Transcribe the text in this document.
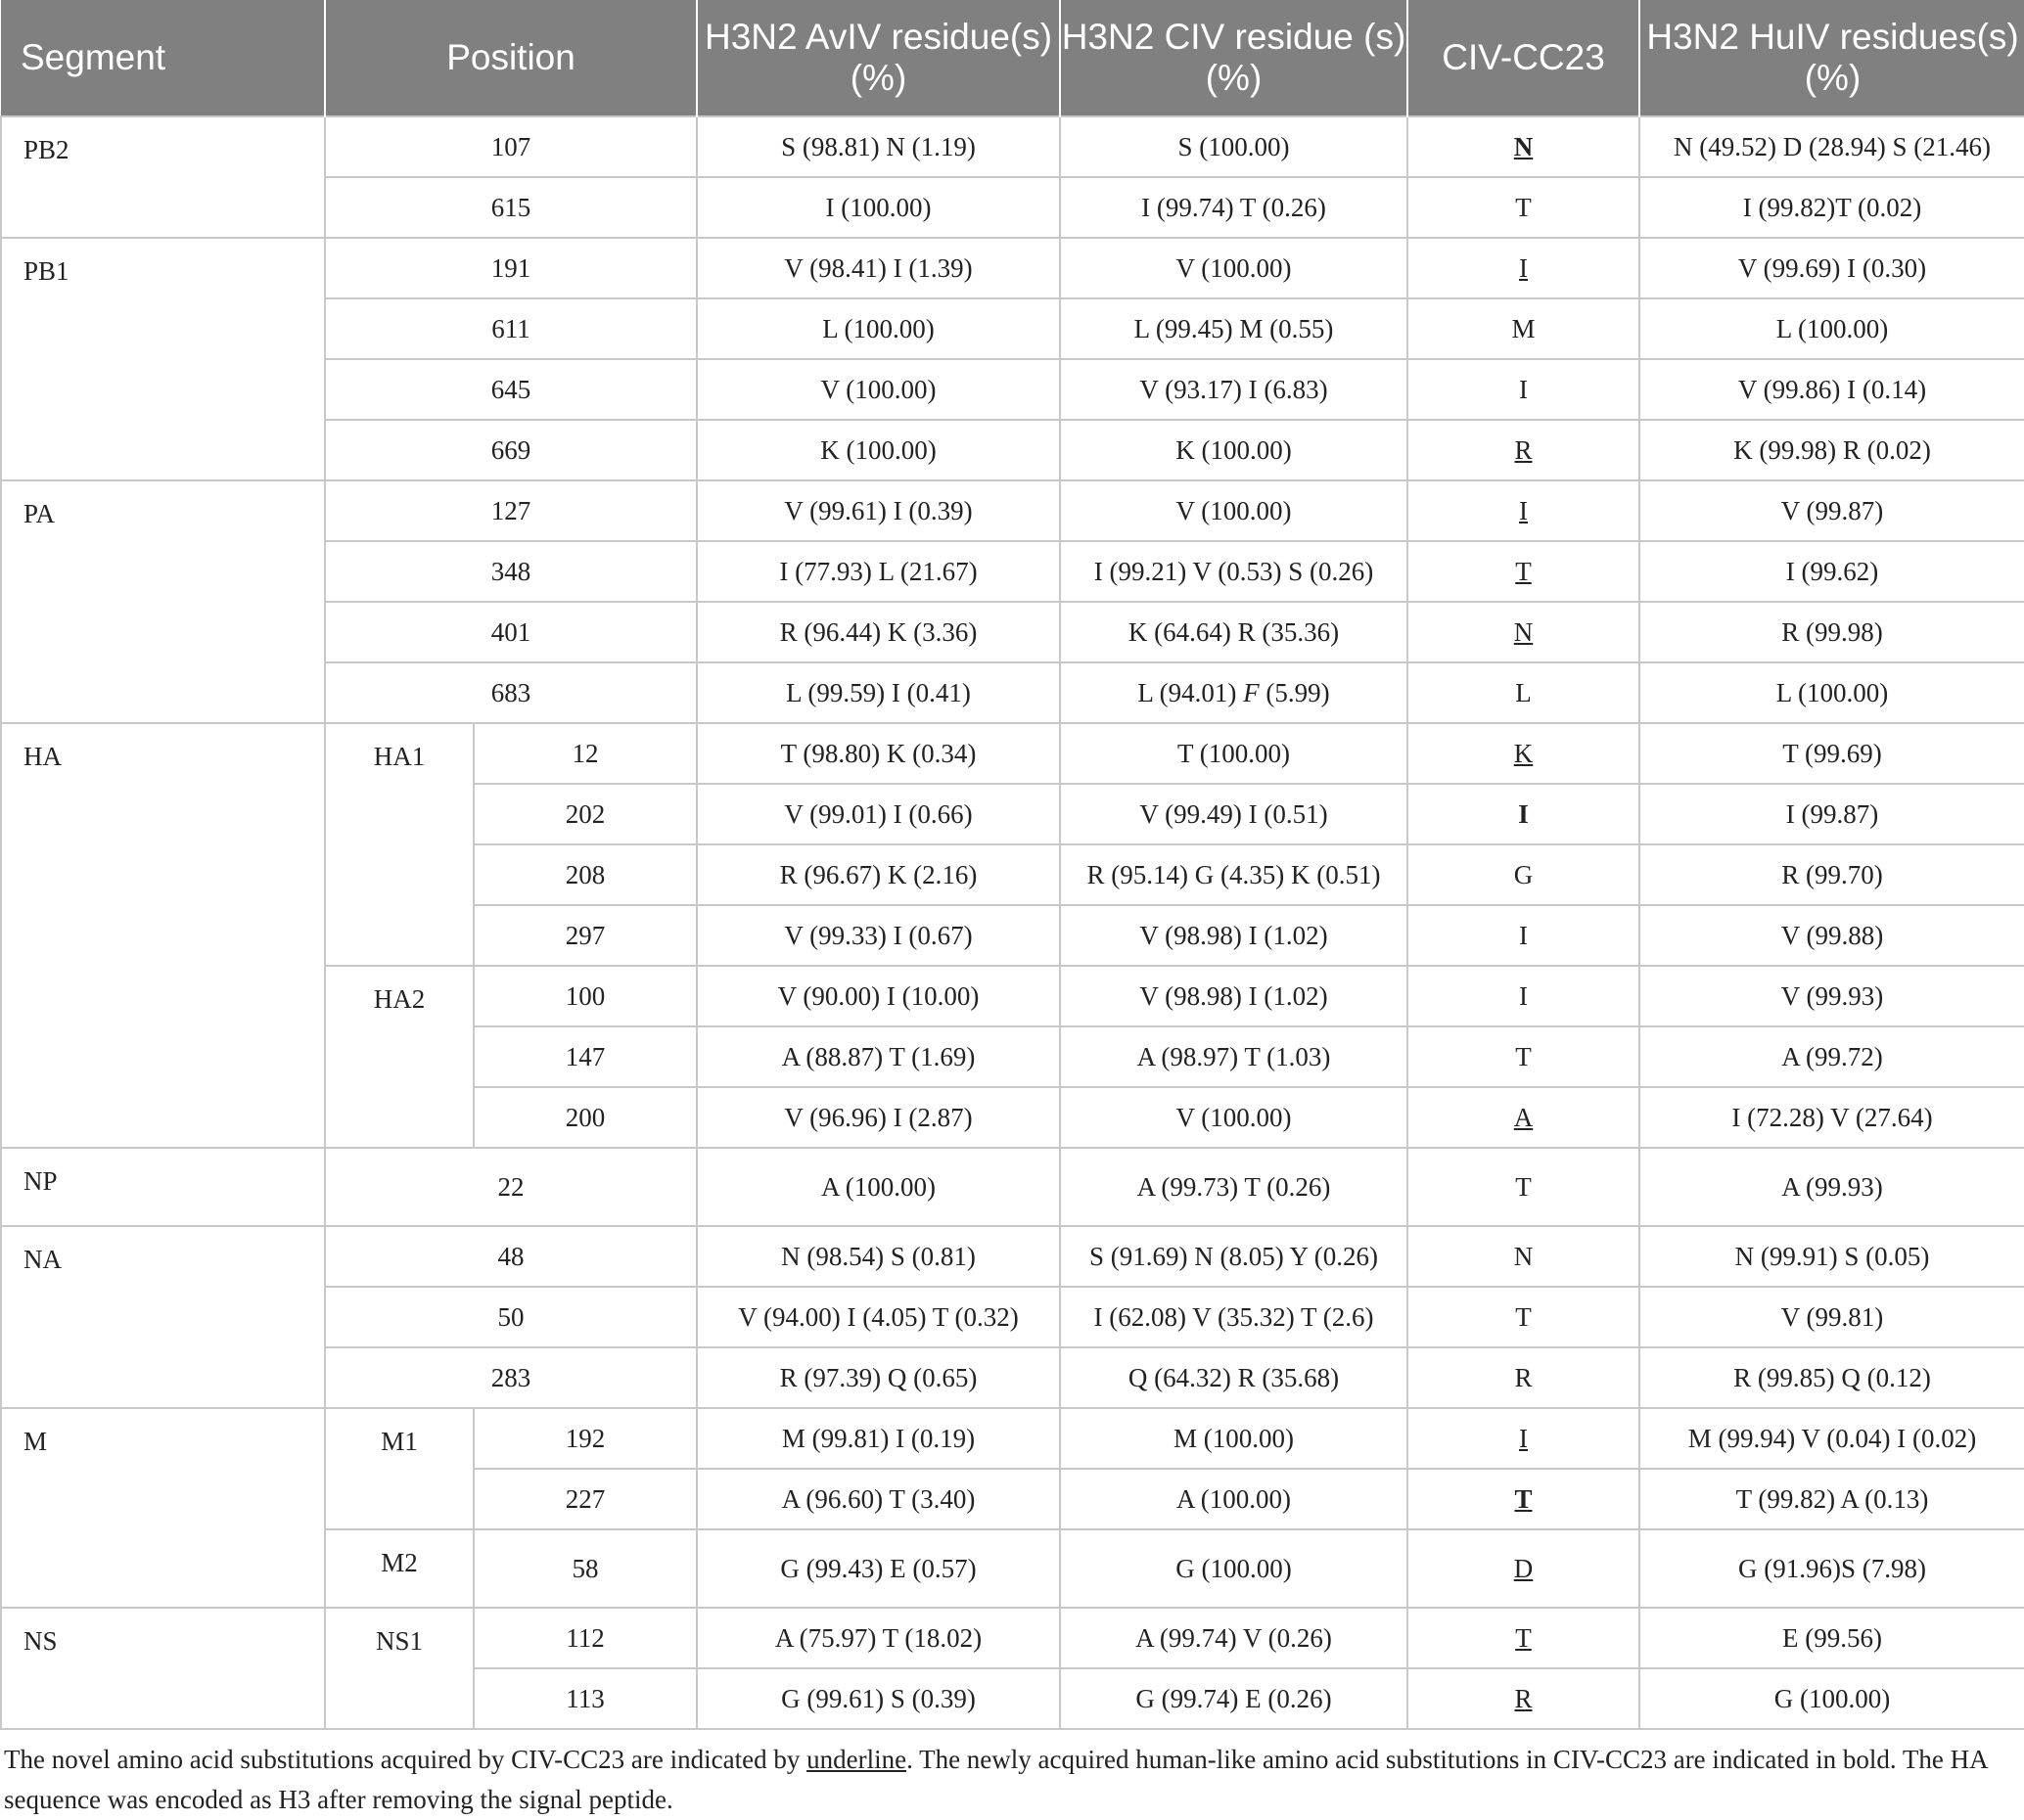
Segment	Position		H3N2 AvIV residue(s) (%)	H3N2 CIV residue (s) (%)	CIV-CC23	H3N2 HuIV residues(s) (%)
PB2	107		S (98.81) N (1.19)	S (100.00)	N	N (49.52) D (28.94) S (21.46)
	615		I (100.00)	I (99.74) T (0.26)	T	I (99.82)T (0.02)
PB1	191		V (98.41) I (1.39)	V (100.00)	I	V (99.69) I (0.30)
	611		L (100.00)	L (99.45) M (0.55)	M	L (100.00)
	645		V (100.00)	V (93.17) I (6.83)	I	V (99.86) I (0.14)
	669		K (100.00)	K (100.00)	R	K (99.98) R (0.02)
PA	127		V (99.61) I (0.39)	V (100.00)	I	V (99.87)
	348		I (77.93) L (21.67)	I (99.21) V (0.53) S (0.26)	T	I (99.62)
	401		R (96.44) K (3.36)	K (64.64) R (35.36)	N	R (99.98)
	683		L (99.59) I (0.41)	L (94.01) F (5.99)	L	L (100.00)
HA	HA1	12	T (98.80) K (0.34)	T (100.00)	K	T (99.69)
		202	V (99.01) I (0.66)	V (99.49) I (0.51)	I	I (99.87)
		208	R (96.67) K (2.16)	R (95.14) G (4.35) K (0.51)	G	R (99.70)
		297	V (99.33) I (0.67)	V (98.98) I (1.02)	I	V (99.88)
	HA2	100	V (90.00) I (10.00)	V (98.98) I (1.02)	I	V (99.93)
		147	A (88.87) T (1.69)	A (98.97) T (1.03)	T	A (99.72)
		200	V (96.96) I (2.87)	V (100.00)	A	I (72.28) V (27.64)
NP	22		A (100.00)	A (99.73) T (0.26)	T	A (99.93)
NA	48		N (98.54) S (0.81)	S (91.69) N (8.05) Y (0.26)	N	N (99.91) S (0.05)
	50		V (94.00) I (4.05) T (0.32)	I (62.08) V (35.32) T (2.6)	T	V (99.81)
	283		R (97.39) Q (0.65)	Q (64.32) R (35.68)	R	R (99.85) Q (0.12)
M	M1	192	M (99.81) I (0.19)	M (100.00)	I	M (99.94) V (0.04) I (0.02)
		227	A (96.60) T (3.40)	A (100.00)	T	T (99.82) A (0.13)
	M2	58	G (99.43) E (0.57)	G (100.00)	D	G (91.96)S (7.98)
NS	NS1	112	A (75.97) T (18.02)	A (99.74) V (0.26)	T	E (99.56)
		113	G (99.61) S (0.39)	G (99.74) E (0.26)	R	G (100.00)

The novel amino acid substitutions acquired by CIV-CC23 are indicated by underline. The newly acquired human-like amino acid substitutions in CIV-CC23 are indicated in bold. The HA sequence was encoded as H3 after removing the signal peptide.
